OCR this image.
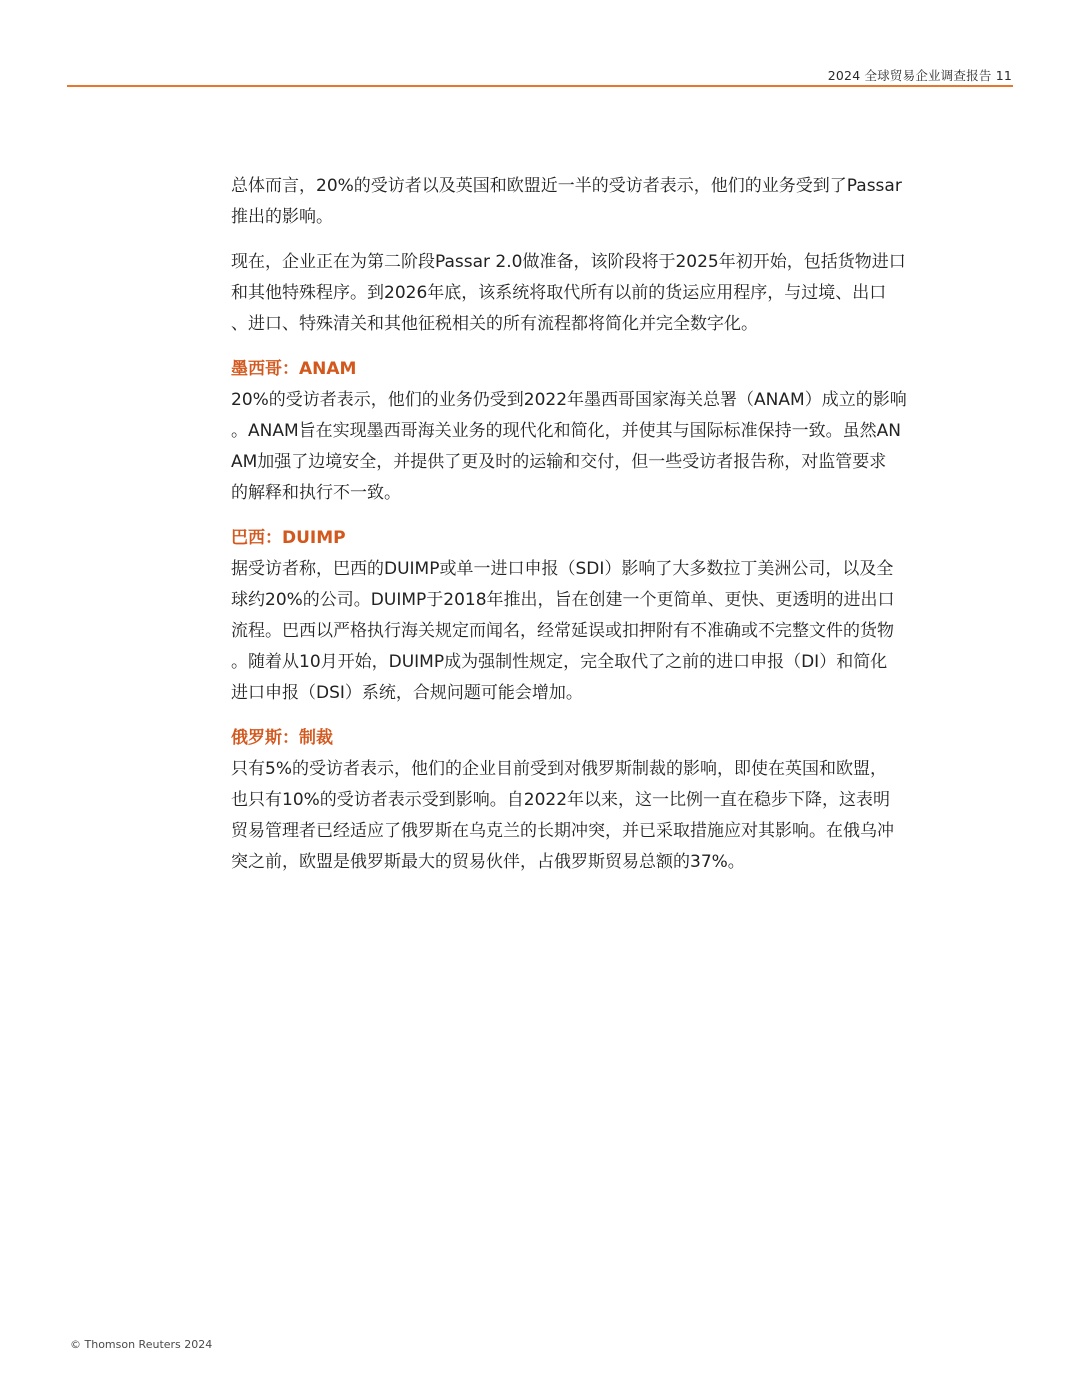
2024 全球贸易企业调查报告 11

总体而言，20%的受访者以及英国和欧盟近一半的受访者表示，他们的业务受到了Passar
推出的影响。

现在，企业正在为第二阶段Passar 2.0做准备，该阶段将于2025年初开始，包括货物进口
和其他特殊程序。到2026年底，该系统将取代所有以前的货运应用程序，与过境、出口
、进口、特殊清关和其他征税相关的所有流程都将简化并完全数字化。

墨西哥：ANAM

20%的受访者表示，他们的业务仍受到2022年墨西哥国家海关总署（ANAM）成立的影响
。ANAM旨在实现墨西哥海关业务的现代化和简化，并使其与国际标准保持一致。虽然AN
AM加强了边境安全，并提供了更及时的运输和交付，但一些受访者报告称，对监管要求
的解释和执行不一致。

巴西：DUIMP

据受访者称，巴西的DUIMP或单一进口申报（SDI）影响了大多数拉丁美洲公司，以及全
球约20%的公司。DUIMP于2018年推出，旨在创建一个更简单、更快、更透明的进出口
流程。巴西以严格执行海关规定而闻名，经常延误或扣押附有不准确或不完整文件的货物
。随着从10月开始，DUIMP成为强制性规定，完全取代了之前的进口申报（DI）和简化
进口申报（DSI）系统，合规问题可能会增加。

俄罗斯：制裁

只有5%的受访者表示，他们的企业目前受到对俄罗斯制裁的影响，即使在英国和欧盟，
也只有10%的受访者表示受到影响。自2022年以来，这一比例一直在稳步下降，这表明
贸易管理者已经适应了俄罗斯在乌克兰的长期冲突，并已采取措施应对其影响。在俄乌冲
突之前，欧盟是俄罗斯最大的贸易伙伴，占俄罗斯贸易总额的37%。

© Thomson Reuters 2024
